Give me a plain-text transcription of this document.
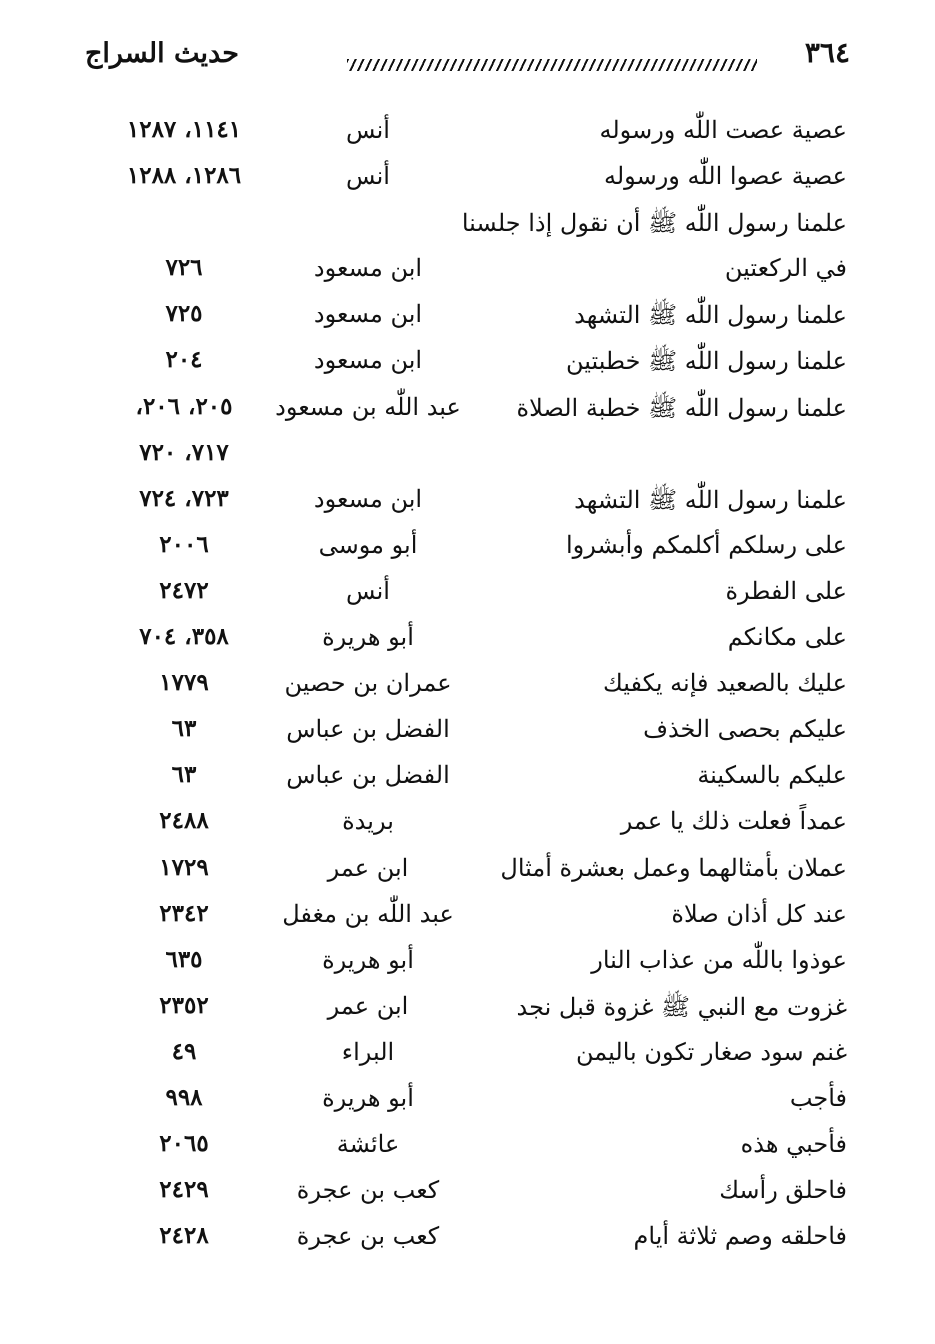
حديث السراج	٣٦٤
عصية عصت اللّٰه ورسوله
أنس
١١٤١، ١٢٨٧
عصية عصوا اللّٰه ورسوله
أنس
١٢٨٦، ١٢٨٨
علمنا رسول اللّٰه ﷺ أن نقول إذا جلسنا
في الركعتين
ابن مسعود
٧٢٦
علمنا رسول اللّٰه ﷺ التشهد
ابن مسعود
٧٢٥
علمنا رسول اللّٰه ﷺ خطبتين
ابن مسعود
٢٠٤
علمنا رسول اللّٰه ﷺ خطبة الصلاة
عبد اللّٰه بن مسعود
٢٠٥، ٢٠٦،
٧١٧، ٧٢٠
علمنا رسول اللّٰه ﷺ التشهد
ابن مسعود
٧٢٣، ٧٢٤
على رسلكم أكلمكم وأبشروا
أبو موسى
٢٠٠٦
على الفطرة
أنس
٢٤٧٢
على مكانكم
أبو هريرة
٣٥٨، ٧٠٤
عليك بالصعيد فإنه يكفيك
عمران بن حصين
١٧٧٩
عليكم بحصى الخذف
الفضل بن عباس
٦٣
عليكم بالسكينة
الفضل بن عباس
٦٣
عمداً فعلت ذلك يا عمر
بريدة
٢٤٨٨
عملان بأمثالهما وعمل بعشرة أمثال
ابن عمر
١٧٢٩
عند كل أذان صلاة
عبد اللّٰه بن مغفل
٢٣٤٢
عوذوا باللّٰه من عذاب النار
أبو هريرة
٦٣٥
غزوت مع النبي ﷺ غزوة قبل نجد
ابن عمر
٢٣٥٢
غنم سود صغار تكون باليمن
البراء
٤٩
فأجب
أبو هريرة
٩٩٨
فأحبي هذه
عائشة
٢٠٦٥
فاحلق رأسك
كعب بن عجرة
٢٤٢٩
فاحلقه وصم ثلاثة أيام
كعب بن عجرة
٢٤٢٨
